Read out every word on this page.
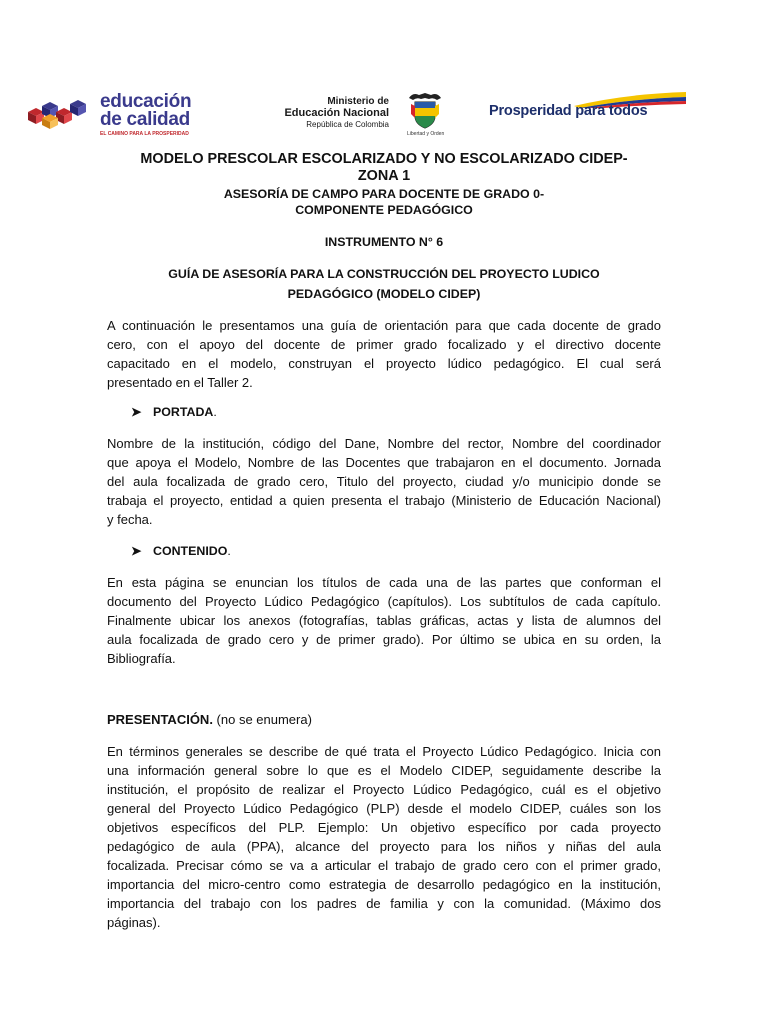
educación
de calidad
EL CAMINO PARA LA PROSPERIDAD
Ministerio de
Educación Nacional
República de Colombia
Libertad y Orden
Prosperidad para todos
MODELO PRESCOLAR ESCOLARIZADO Y NO ESCOLARIZADO CIDEP-
ZONA 1
ASESORÍA DE CAMPO PARA DOCENTE DE GRADO 0-
COMPONENTE PEDAGÓGICO
INSTRUMENTO N° 6
GUÍA DE ASESORÍA PARA LA CONSTRUCCIÓN DEL PROYECTO LUDICO
PEDAGÓGICO (MODELO CIDEP)

A continuación le presentamos una guía de orientación para que cada docente de grado
cero, con el apoyo del docente de primer grado focalizado y el directivo docente
capacitado en el modelo, construyan el proyecto lúdico pedagógico. El cual será
presentado en el Taller 2.

➤ PORTADA.

Nombre de la institución, código del Dane, Nombre del rector, Nombre del coordinador
que apoya el Modelo, Nombre de las Docentes que trabajaron en el documento. Jornada
del aula focalizada de grado cero, Titulo del proyecto, ciudad y/o municipio donde se
trabaja el proyecto, entidad a quien presenta el trabajo (Ministerio de Educación Nacional)
y fecha.

➤ CONTENIDO.

En esta página se enuncian los títulos de cada una de las partes que conforman el
documento del Proyecto Lúdico Pedagógico (capítulos). Los subtítulos de cada capítulo.
Finalmente ubicar los anexos (fotografías, tablas gráficas, actas y lista de alumnos del
aula focalizada de grado cero y de primer grado). Por último se ubica en su orden, la
Bibliografía.

PRESENTACIÓN. (no se enumera)

En términos generales se describe de qué trata el Proyecto Lúdico Pedagógico. Inicia con
una información general sobre lo que es el Modelo CIDEP, seguidamente describe la
institución, el propósito de realizar el Proyecto Lúdico Pedagógico, cuál es el objetivo
general del Proyecto Lúdico Pedagógico (PLP) desde el modelo CIDEP, cuáles son los
objetivos específicos del PLP. Ejemplo: Un objetivo específico por cada proyecto
pedagógico de aula (PPA), alcance del proyecto para los niños y niñas del aula
focalizada. Precisar cómo se va a articular el trabajo de grado cero con el primer grado,
importancia del micro-centro como estrategia de desarrollo pedagógico en la institución,
importancia del trabajo con los padres de familia y con la comunidad. (Máximo dos
páginas).
